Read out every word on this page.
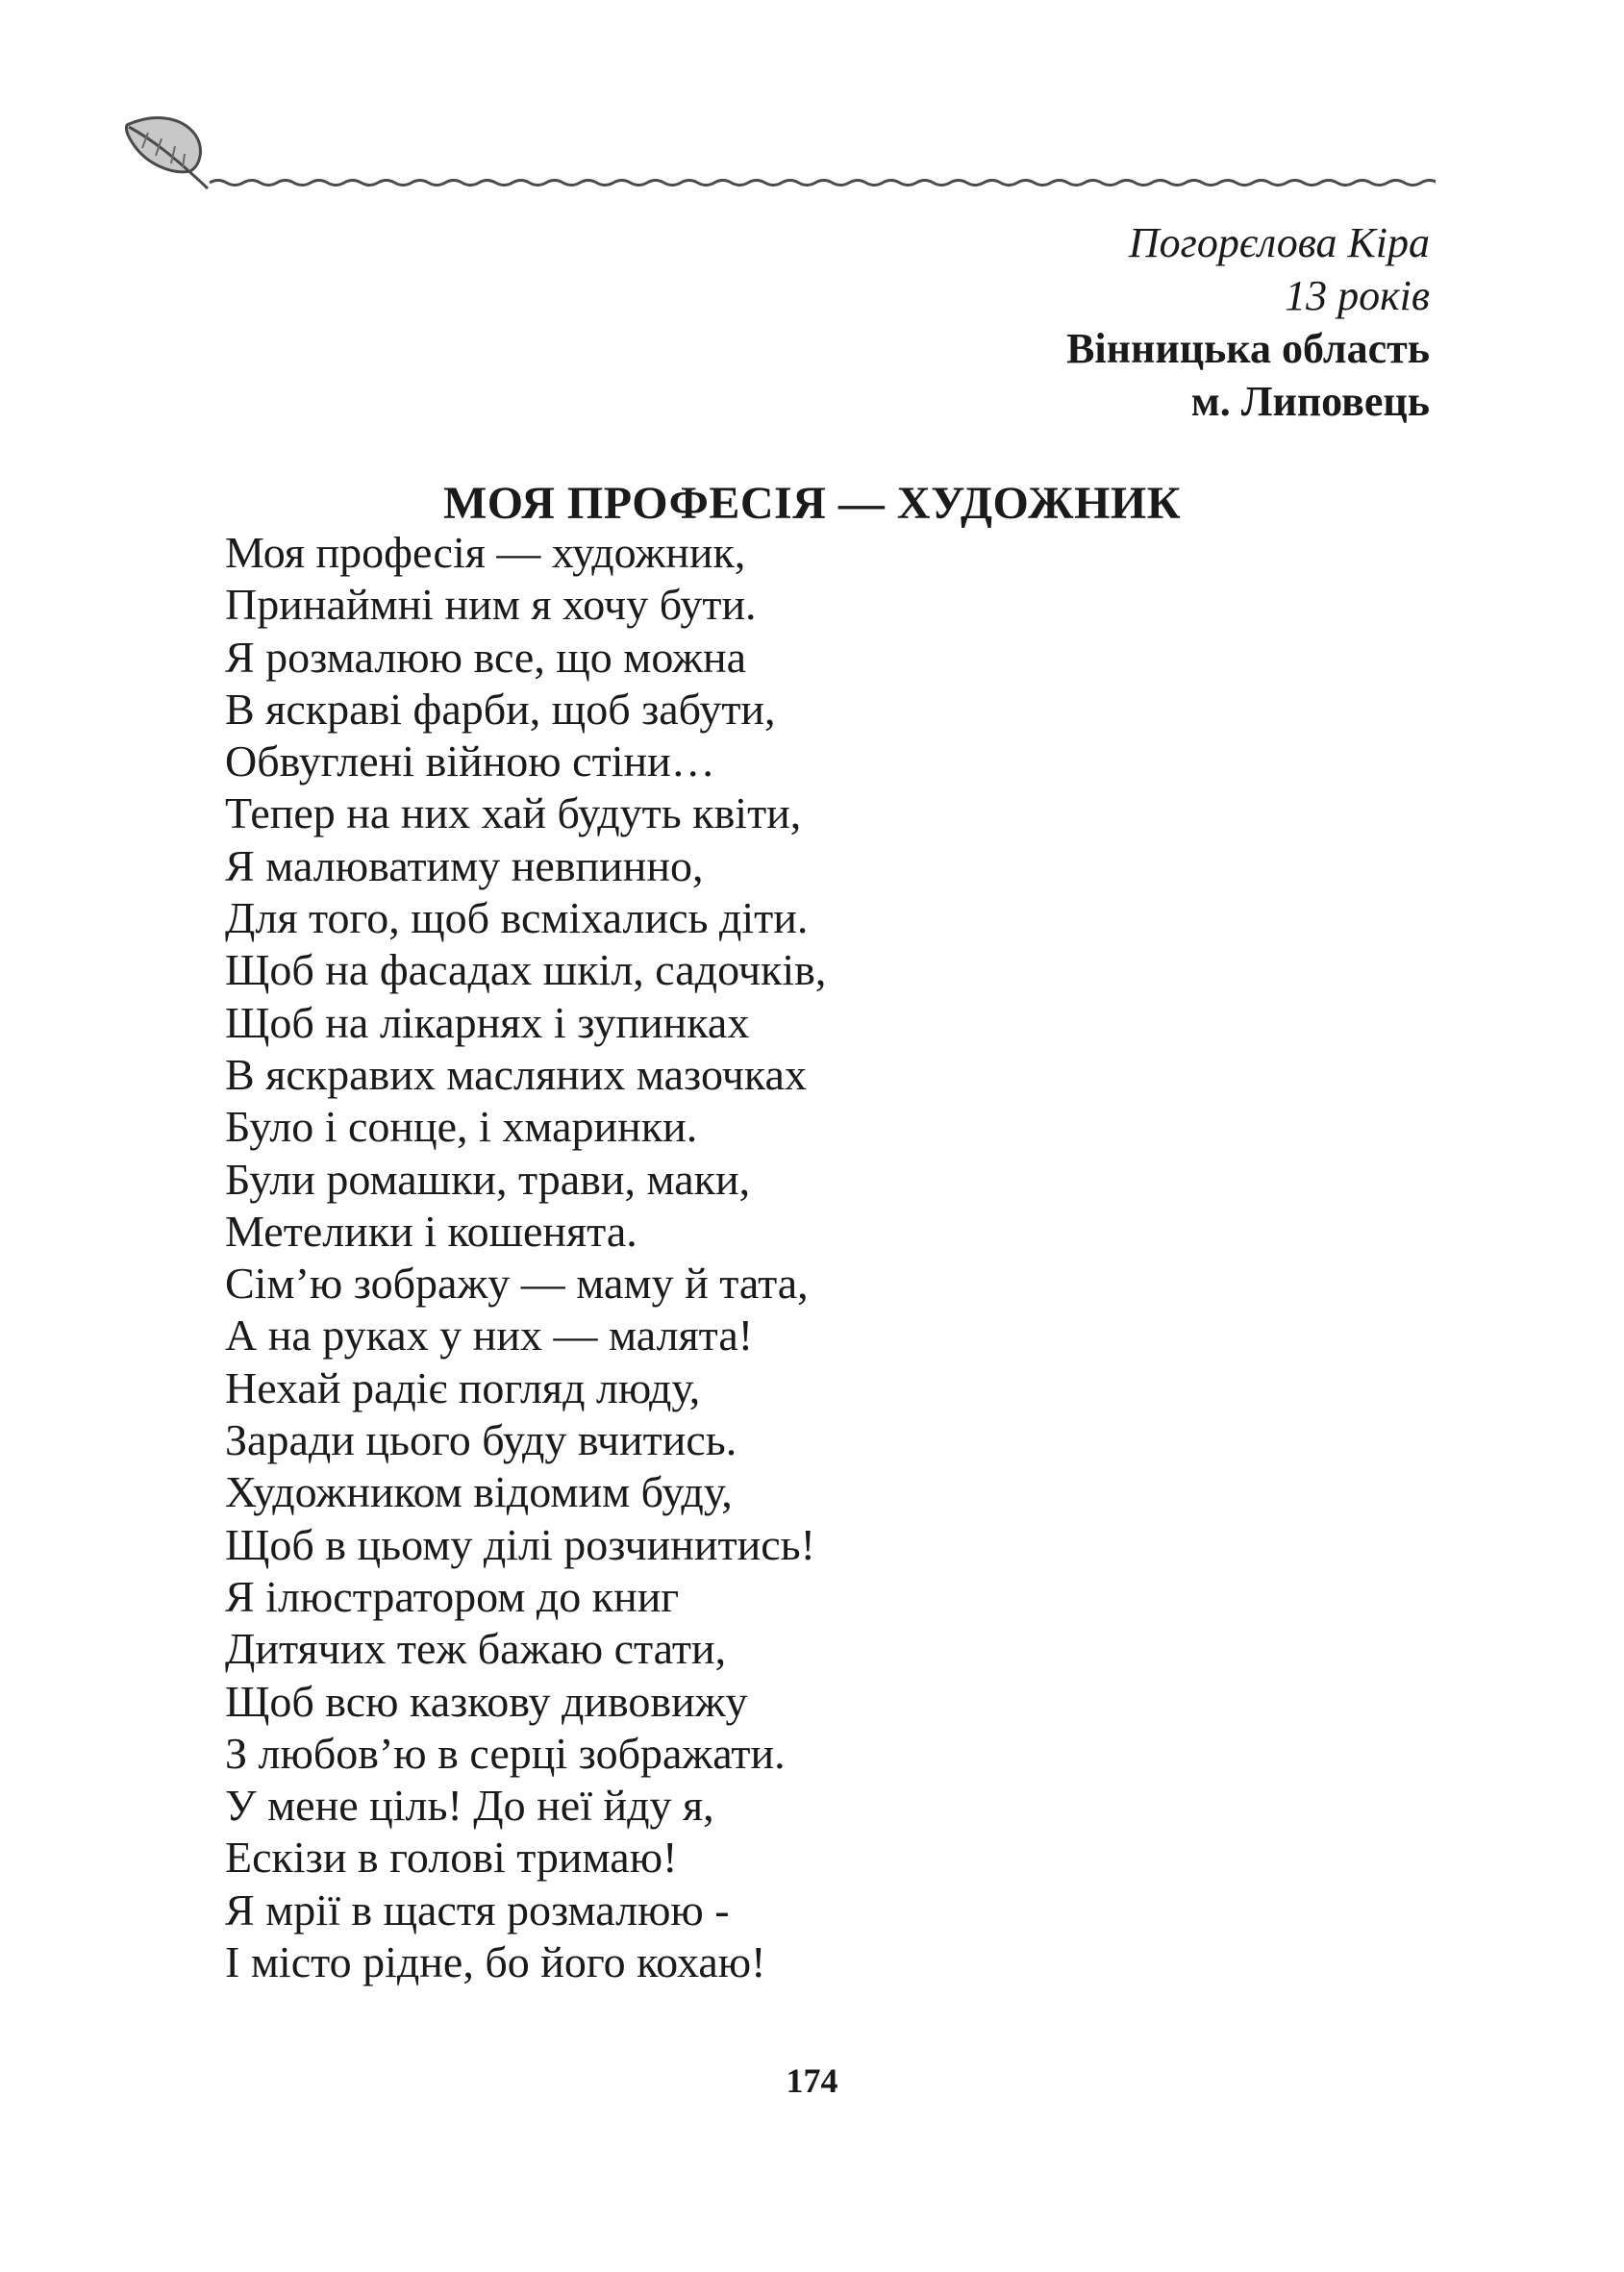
Погорєлова Кіра
13 років
Вінницька область
м. Липовець
МОЯ ПРОФЕСІЯ — ХУДОЖНИК
Моя професія — художник,
Принаймні ним я хочу бути.
Я розмалюю все, що можна
В яскраві фарби, щоб забути,
Обвуглені війною стіни…
Тепер на них хай будуть квіти,
Я малюватиму невпинно,
Для того, щоб всміхались діти.
Щоб на фасадах шкіл, садочків,
Щоб на лікарнях і зупинках
В яскравих масляних мазочках
Було і сонце, і хмаринки.
Були ромашки, трави, маки,
Метелики і кошенята.
Сім’ю зображу — маму й тата,
А на руках у них — малята!
Нехай радіє погляд люду,
Заради цього буду вчитись.
Художником відомим буду,
Щоб в цьому ділі розчинитись!
Я ілюстратором до книг
Дитячих теж бажаю стати,
Щоб всю казкову дивовижу
З любов’ю в серці зображати.
У мене ціль! До неї йду я,
Ескізи в голові тримаю!
Я мрії в щастя розмалюю -
І місто рідне, бо його кохаю!
174
